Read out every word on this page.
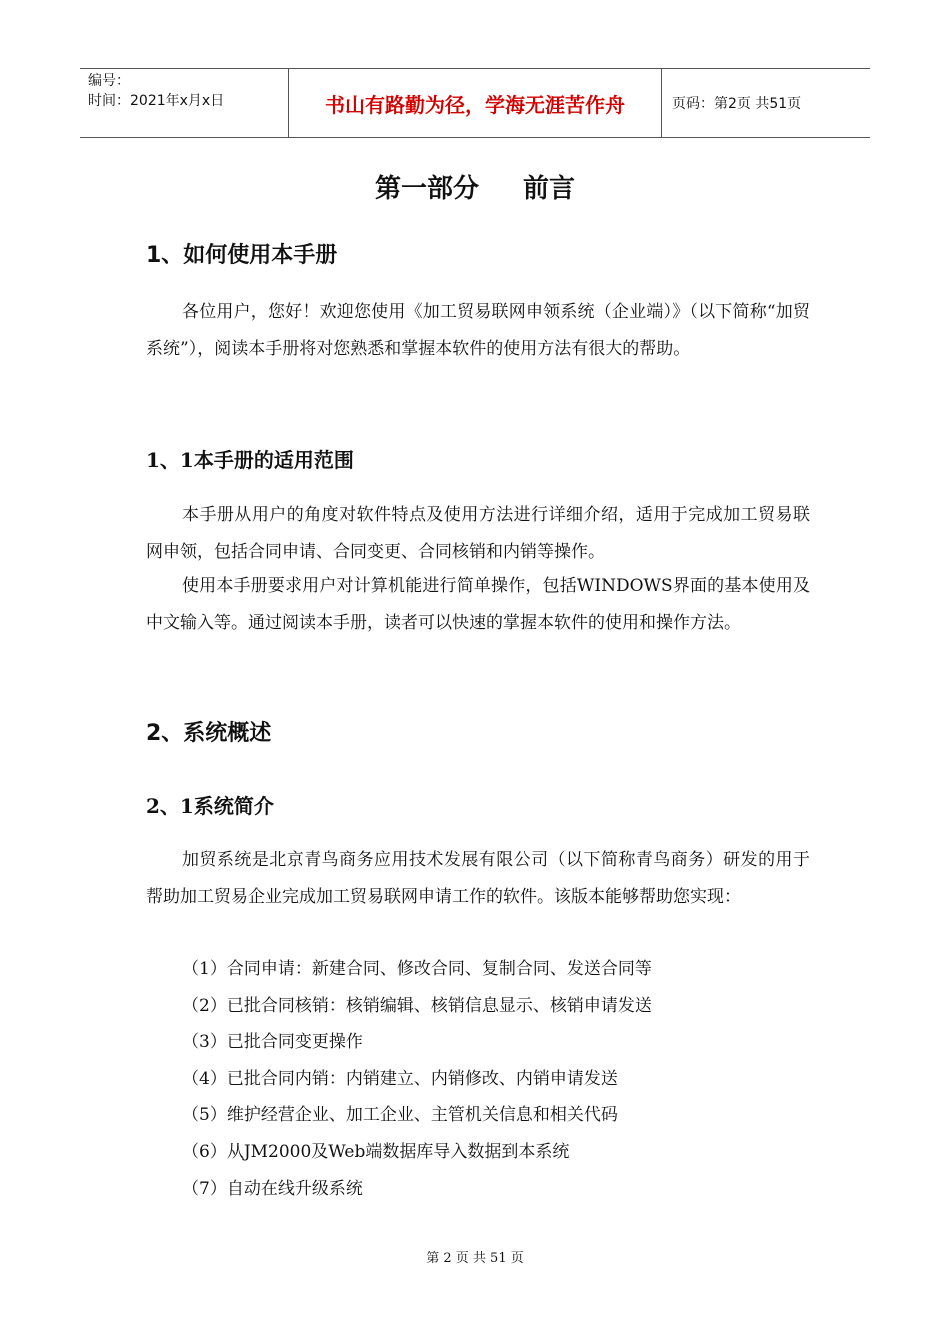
编号：
时间：2021年x月x日	书山有路勤为径，学海无涯苦作舟	页码：第2页 共51页
第一部分 前言
1、如何使用本手册
各位用户，您好！欢迎您使用《加工贸易联网申领系统（企业端）》（以下简称“加贸系统”），阅读本手册将对您熟悉和掌握本软件的使用方法有很大的帮助。
1、1本手册的适用范围
本手册从用户的角度对软件特点及使用方法进行详细介绍，适用于完成加工贸易联网申领，包括合同申请、合同变更、合同核销和内销等操作。
使用本手册要求用户对计算机能进行简单操作，包括WINDOWS界面的基本使用及中文输入等。通过阅读本手册，读者可以快速的掌握本软件的使用和操作方法。
2、系统概述
2、1系统简介
加贸系统是北京青鸟商务应用技术发展有限公司（以下简称青鸟商务）研发的用于帮助加工贸易企业完成加工贸易联网申请工作的软件。该版本能够帮助您实现：
（1）合同申请：新建合同、修改合同、复制合同、发送合同等
（2）已批合同核销：核销编辑、核销信息显示、核销申请发送
（3）已批合同变更操作
（4）已批合同内销：内销建立、内销修改、内销申请发送
（5）维护经营企业、加工企业、主管机关信息和相关代码
（6）从JM2000及Web端数据库导入数据到本系统
（7）自动在线升级系统
第 2 页 共 51 页
